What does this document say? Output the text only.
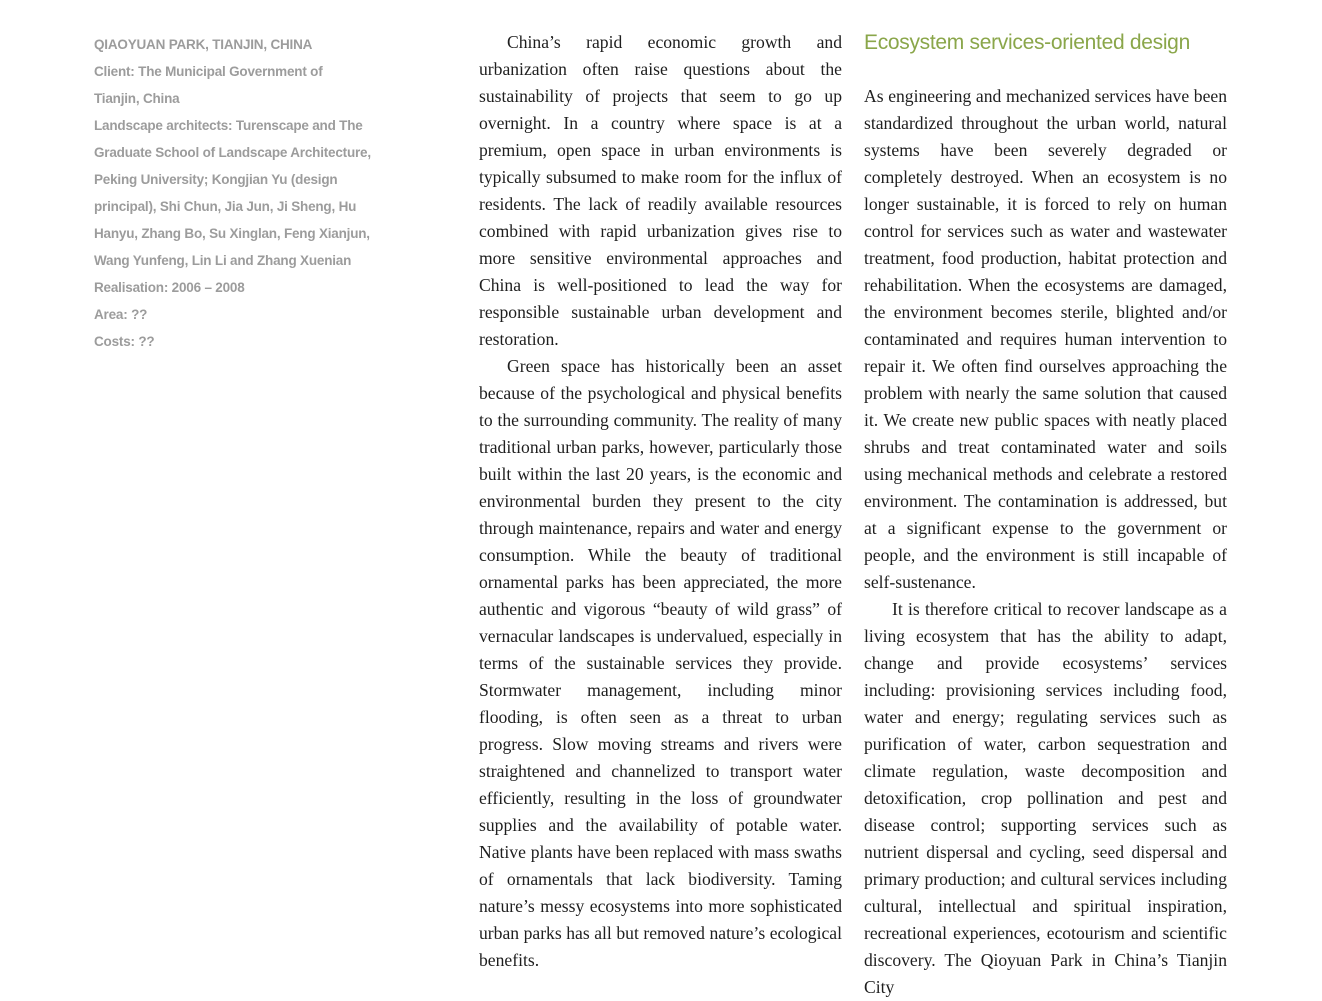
QIAOYUAN PARK, TIANJIN, CHINA
Client: The Municipal Government of
Tianjin, China
Landscape architects: Turenscape and The
Graduate School of Landscape Architecture,
Peking University; Kongjian Yu (design
principal), Shi Chun, Jia Jun, Ji Sheng, Hu
Hanyu, Zhang Bo, Su Xinglan, Feng Xianjun,
Wang Yunfeng, Lin Li and Zhang Xuenian
Realisation: 2006 – 2008
Area: ??
Costs: ??

China’s rapid economic growth and urbanization often raise questions about the sustainability of projects that seem to go up overnight. In a country where space is at a premium, open space in urban environments is typically subsumed to make room for the influx of residents. The lack of readily available resources combined with rapid urbanization gives rise to more sensitive environmental approaches and China is well-positioned to lead the way for responsible sustainable urban development and restoration.

Green space has historically been an asset because of the psychological and physical benefits to the surrounding community. The reality of many traditional urban parks, however, particularly those built within the last 20 years, is the economic and environmental burden they present to the city through maintenance, repairs and water and energy consumption. While the beauty of traditional ornamental parks has been appreciated, the more authentic and vigorous “beauty of wild grass” of vernacular landscapes is undervalued, especially in terms of the sustainable services they provide. Stormwater management, including minor flooding, is often seen as a threat to urban progress. Slow moving streams and rivers were straightened and channelized to transport water efficiently, resulting in the loss of groundwater supplies and the availability of potable water. Native plants have been replaced with mass swaths of ornamentals that lack biodiversity. Taming nature’s messy ecosystems into more sophisticated urban parks has all but removed nature’s ecological benefits.

Ecosystem services-oriented design

As engineering and mechanized services have been standardized throughout the urban world, natural systems have been severely degraded or completely destroyed. When an ecosystem is no longer sustainable, it is forced to rely on human control for services such as water and wastewater treatment, food production, habitat protection and rehabilitation. When the ecosystems are damaged, the environment becomes sterile, blighted and/or contaminated and requires human intervention to repair it. We often find ourselves approaching the problem with nearly the same solution that caused it. We create new public spaces with neatly placed shrubs and treat contaminated water and soils using mechanical methods and celebrate a restored environment. The contamination is addressed, but at a significant expense to the government or people, and the environment is still incapable of self-sustenance.

It is therefore critical to recover landscape as a living ecosystem that has the ability to adapt, change and provide ecosystems’ services including: provisioning services including food, water and energy; regulating services such as purification of water, carbon sequestration and climate regulation, waste decomposition and detoxification, crop pollination and pest and disease control; supporting services such as nutrient dispersal and cycling, seed dispersal and primary production; and cultural services including cultural, intellectual and spiritual inspiration, recreational experiences, ecotourism and scientific discovery. The Qioyuan Park in China’s Tianjin City
